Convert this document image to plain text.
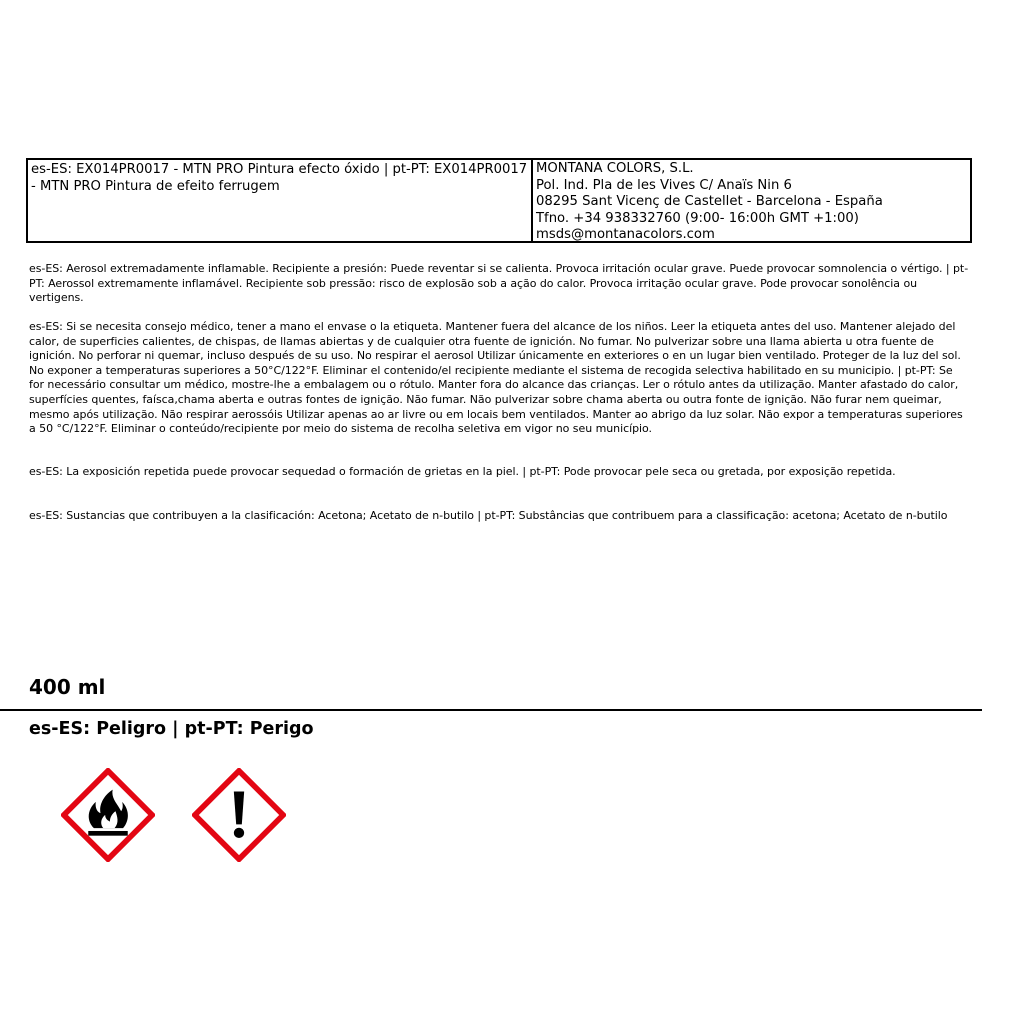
es-ES: EX014PR0017 - MTN PRO Pintura efecto óxido | pt-PT: EX014PR0017 - MTN PRO Pintura de efeito ferrugem
MONTANA COLORS, S.L.
Pol. Ind. Pla de les Vives C/ Anaïs Nin 6
08295 Sant Vicenç de Castellet - Barcelona - España
Tfno. +34 938332760 (9:00- 16:00h GMT +1:00)
msds@montanacolors.com
es-ES: Aerosol extremadamente inflamable. Recipiente a presión: Puede reventar si se calienta. Provoca irritación ocular grave. Puede provocar somnolencia o vértigo. | pt-PT: Aerossol extremamente inflamável. Recipiente sob pressão: risco de explosão sob a ação do calor. Provoca irritação ocular grave. Pode provocar sonolência ou vertigens.
es-ES: Si se necesita consejo médico, tener a mano el envase o la etiqueta. Mantener fuera del alcance de los niños. Leer la etiqueta antes del uso. Mantener alejado del calor, de superficies calientes, de chispas, de llamas abiertas y de cualquier otra fuente de ignición. No fumar. No pulverizar sobre una llama abierta u otra fuente de ignición. No perforar ni quemar, incluso después de su uso. No respirar el aerosol Utilizar únicamente en exteriores o en un lugar bien ventilado. Proteger de la luz del sol. No exponer a temperaturas superiores a 50°C/122°F. Eliminar el contenido/el recipiente mediante el sistema de recogida selectiva habilitado en su municipio. | pt-PT: Se for necessário consultar um médico, mostre-lhe a embalagem ou o rótulo. Manter fora do alcance das crianças. Ler o rótulo antes da utilização. Manter afastado do calor, superfícies quentes, faísca,chama aberta e outras fontes de ignição. Não fumar. Não pulverizar sobre chama aberta ou outra fonte de ignição. Não furar nem queimar, mesmo após utilização. Não respirar aerossóis Utilizar apenas ao ar livre ou em locais bem ventilados. Manter ao abrigo da luz solar. Não expor a temperaturas superiores a 50 °C/122°F. Eliminar o conteúdo/recipiente por meio do sistema de recolha seletiva em vigor no seu município.
es-ES: La exposición repetida puede provocar sequedad o formación de grietas en la piel. | pt-PT: Pode provocar pele seca ou gretada, por exposição repetida.
es-ES: Sustancias que contribuyen a la clasificación: Acetona; Acetato de n-butilo | pt-PT: Substâncias que contribuem para a classificação: acetona; Acetato de n-butilo
400 ml
es-ES: Peligro | pt-PT: Perigo
